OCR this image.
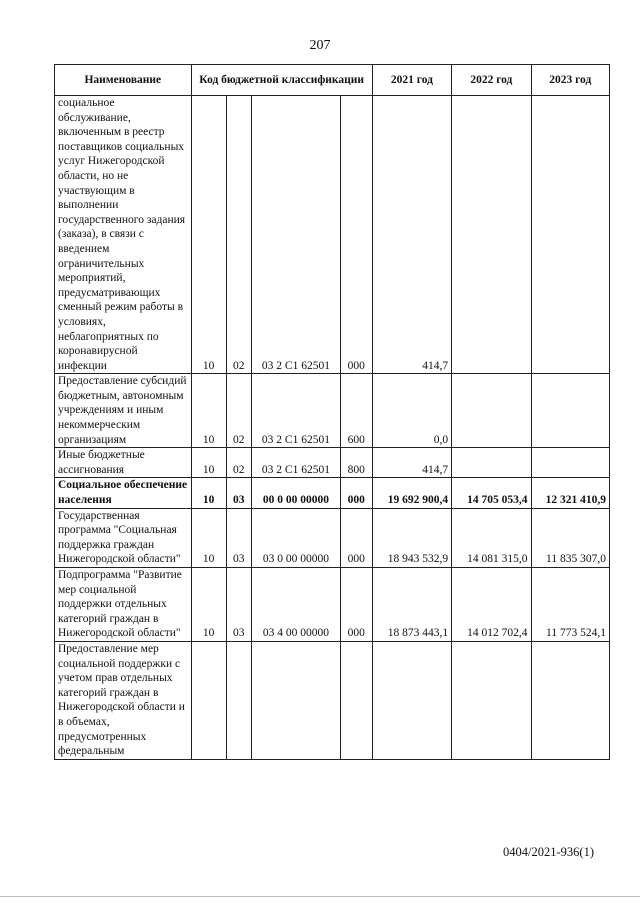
207
Наименование	Код бюджетной классификации				2021 год	2022 год	2023 год
социальное обслуживание, включенным в реестр поставщиков социальных услуг Нижегородской области, но не участвующим в выполнении государственного задания (заказа), в связи с введением ограничительных мероприятий, предусматривающих сменный режим работы в условиях, неблагоприятных по коронавирусной инфекции	10	02	03 2 C1 62501	000	414,7		
Предоставление субсидий бюджетным, автономным учреждениям и иным некоммерческим организациям	10	02	03 2 C1 62501	600	0,0		
Иные бюджетные ассигнования	10	02	03 2 C1 62501	800	414,7		
Социальное обеспечение населения	10	03	00 0 00 00000	000	19 692 900,4	14 705 053,4	12 321 410,9
Государственная программа "Социальная поддержка граждан Нижегородской области"	10	03	03 0 00 00000	000	18 943 532,9	14 081 315,0	11 835 307,0
Подпрограмма "Развитие мер социальной поддержки отдельных категорий граждан в Нижегородской области"	10	03	03 4 00 00000	000	18 873 443,1	14 012 702,4	11 773 524,1
Предоставление мер социальной поддержки с учетом прав отдельных категорий граждан в Нижегородской области и в объемах, предусмотренных федеральным							
0404/2021-936(1)
